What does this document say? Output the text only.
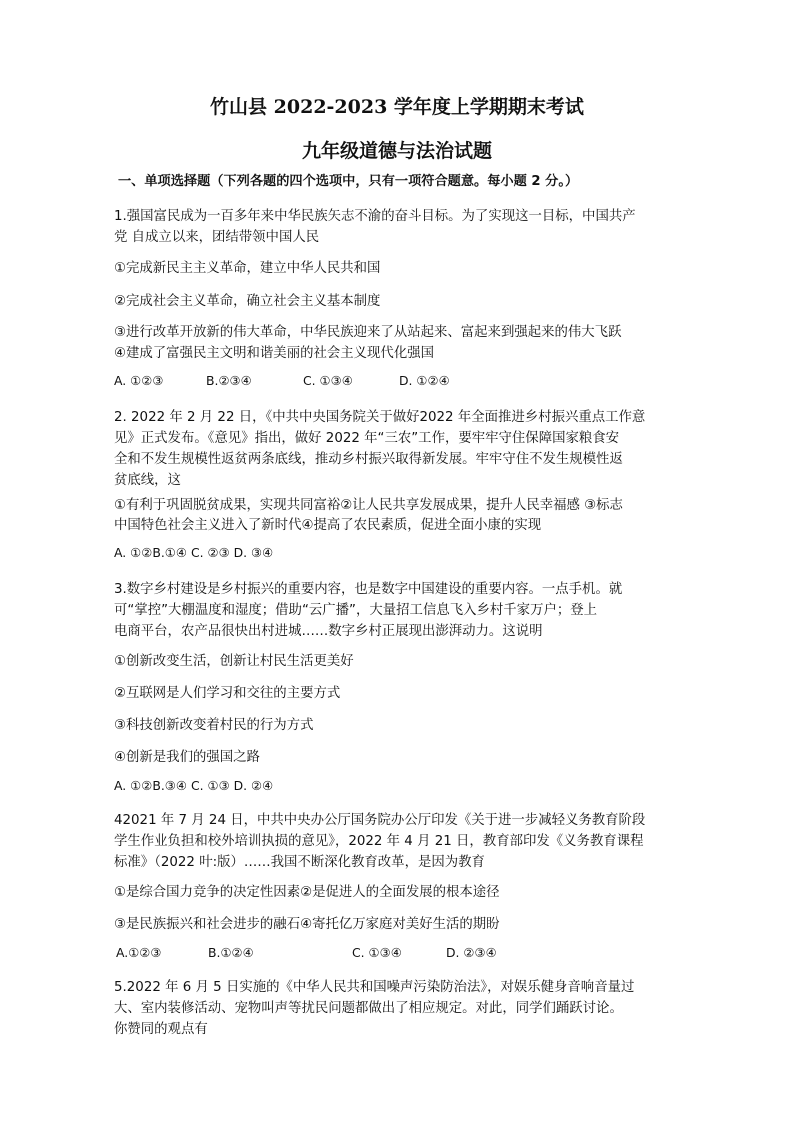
竹山县 2022-2023 学年度上学期期末考试
九年级道德与法治试题
一、单项选择题（下列各题的四个选项中，只有一项符合题意。每小题 2 分。）
1.强国富民成为一百多年来中华民族矢志不渝的奋斗目标。为了实现这一目标，中国共产
党 自成立以来，团结带领中国人民
①完成新民主主义革命，建立中华人民共和国
②完成社会主义革命，确立社会主义基本制度
③进行改革开放新的伟大革命，中华民族迎来了从站起来、富起来到强起来的伟大飞跃
④建成了富强民主文明和谐美丽的社会主义现代化强国
A. ①②③	B.②③④	C. ①③④	D. ①②④
2. 2022 年 2 月 22 日，《中共中央国务院关于做好2022 年全面推进乡村振兴重点工作意
见》正式发布。《意见》指出，做好 2022 年“三农”工作，要牢牢守住保障国家粮食安
全和不发生规模性返贫两条底线，推动乡村振兴取得新发展。牢牢守住不发生规模性返
贫底线，这
①有利于巩固脱贫成果，实现共同富裕②让人民共享发展成果，提升人民幸福感 ③标志
中国特色社会主义进入了新时代④提高了农民素质，促进全面小康的实现
A. ①②B.①④ C. ②③ D. ③④
3.数字乡村建设是乡村振兴的重要内容，也是数字中国建设的重要内容。一点手机。就
可“掌控”大棚温度和湿度；借助“云广播”，大量招工信息飞入乡村千家万户；登上
电商平台，农产品很快出村进城……数字乡村正展现出澎湃动力。这说明
①创新改变生活，创新让村民生活更美好
②互联网是人们学习和交往的主要方式
③科技创新改变着村民的行为方式
④创新是我们的强国之路
A. ①②B.③④ C. ①③ D. ②④
42021 年 7 月 24 日，中共中央办公厅国务院办公厅印发《关于进一步减轻义务教育阶段
学生作业负担和校外培训执损的意见》，2022 年 4 月 21 日，教育部印发《义务教育课程
标准》（2022 叶:版）……我国不断深化教育改革，是因为教育
①是综合国力竞争的决定性因素②是促进人的全面发展的根本途径
③是民族振兴和社会进步的融石④寄托亿万家庭对美好生活的期盼
A.①②③	B.①②④	C. ①③④	D. ②③④
5.2022 年 6 月 5 日实施的《中华人民共和国噪声污染防治法》，对娱乐健身音响音量过
大、室内装修活动、宠物叫声等扰民问题都做出了相应规定。对此，同学们踊跃讨论。
你赞同的观点有
